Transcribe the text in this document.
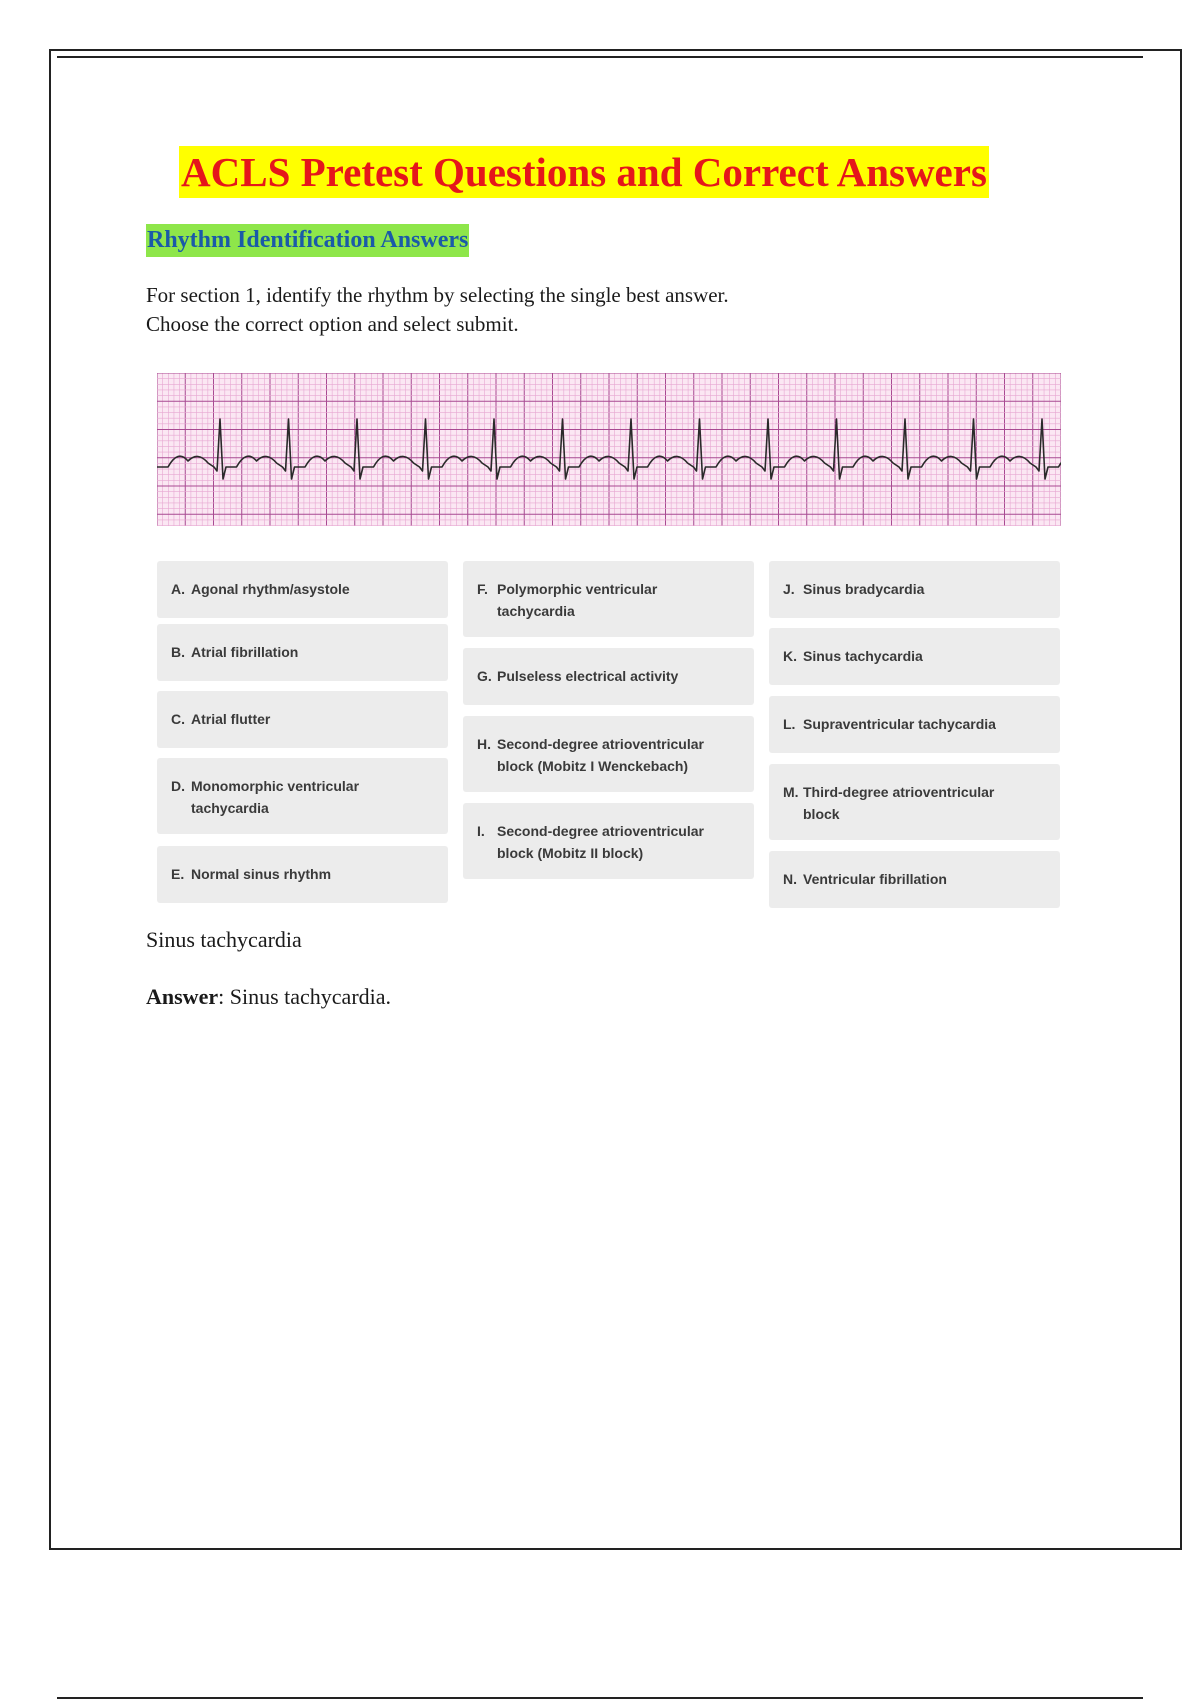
ACLS Pretest Questions and Correct Answers
Rhythm Identification Answers
For section 1, identify the rhythm by selecting the single best answer.
Choose the correct option and select submit.
A. Agonal rhythm/asystole
B. Atrial fibrillation
C. Atrial flutter
D. Monomorphic ventricular tachycardia
E. Normal sinus rhythm
F. Polymorphic ventricular tachycardia
G. Pulseless electrical activity
H. Second-degree atrioventricular block (Mobitz I Wenckebach)
I. Second-degree atrioventricular block (Mobitz II block)
J. Sinus bradycardia
K. Sinus tachycardia
L. Supraventricular tachycardia
M. Third-degree atrioventricular block
N. Ventricular fibrillation
Sinus tachycardia
Answer: Sinus tachycardia.
